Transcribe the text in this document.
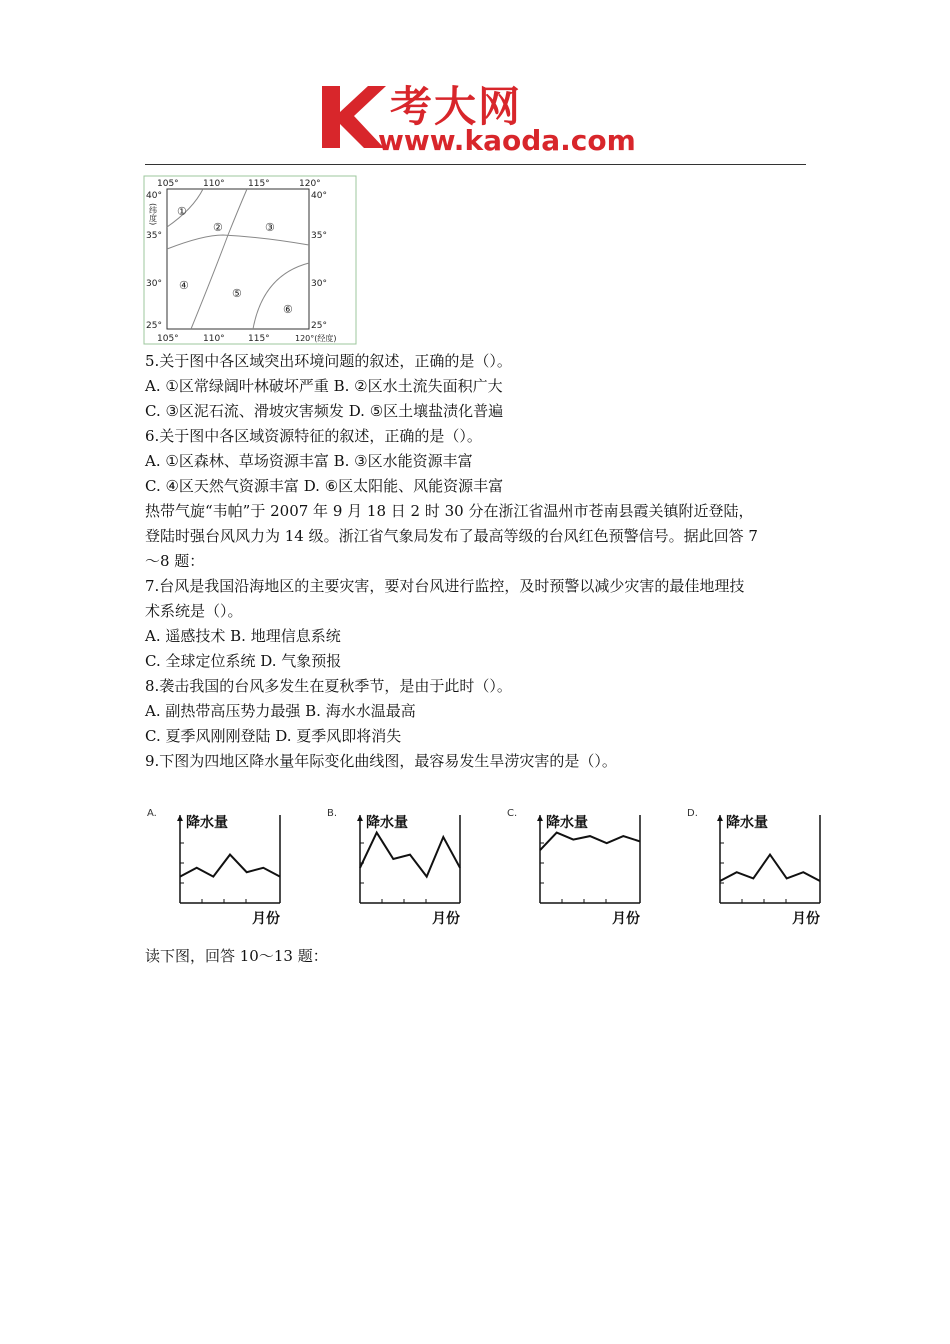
考大网
www.kaoda.com
105°	110°	115°	120°
105°	110°	115°	120°(经度)
40°
35°
30°
25°
40°
35°
30°
25°
(纬度) ①
②	③
④
⑤
⑥
5.关于图中各区域突出环境问题的叙述，正确的是（）。
A. ①区常绿阔叶林破坏严重 B. ②区水土流失面积广大
C. ③区泥石流、滑坡灾害频发 D. ⑤区土壤盐渍化普遍
6.关于图中各区域资源特征的叙述，正确的是（）。
A. ①区森林、草场资源丰富 B. ③区水能资源丰富
C. ④区天然气资源丰富 D. ⑥区太阳能、风能资源丰富
热带气旋“韦帕”于 2007 年 9 月 18 日 2 时 30 分在浙江省温州市苍南县霞关镇附近登陆，
登陆时强台风风力为 14 级。浙江省气象局发布了最高等级的台风红色预警信号。据此回答 7
～8 题：
7.台风是我国沿海地区的主要灾害，要对台风进行监控，及时预警以减少灾害的最佳地理技
术系统是（）。
A. 遥感技术 B. 地理信息系统
C. 全球定位系统 D. 气象预报
8.袭击我国的台风多发生在夏秋季节，是由于此时（）。
A. 副热带高压势力最强 B. 海水水温最高
C. 夏季风刚刚登陆 D. 夏季风即将消失
9.下图为四地区降水量年际变化曲线图，最容易发生旱涝灾害的是（）。
A.
降水量
月份
B.
降水量
月份
C.
降水量
月份
D.
降水量
月份
读下图，回答 10～13 题：
